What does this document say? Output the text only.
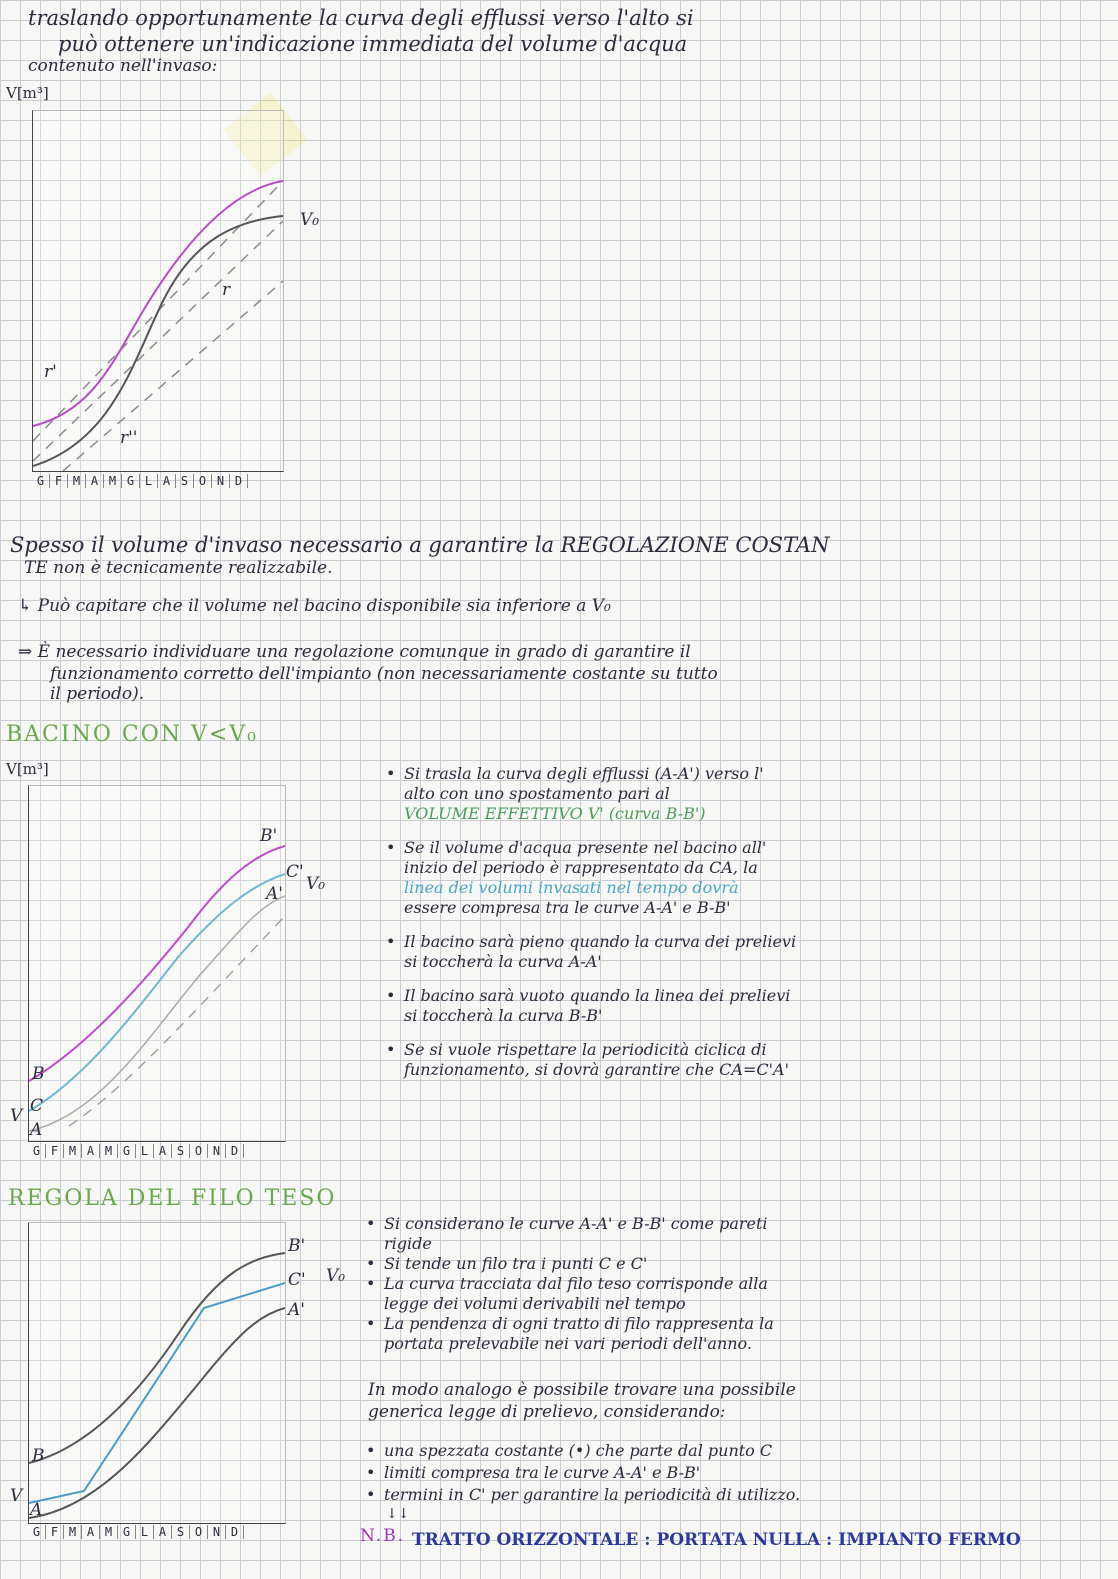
traslando opportunamente la curva degli efflussi verso l'alto si
può ottenere un'indicazione immediata del volume d'acqua
contenuto nell'invaso:
V[m³]
V₀
r
r'
r''
G F M A M G L A S O N D
Spesso il volume d'invaso necessario a garantire la REGOLAZIONE COSTAN
TE non è tecnicamente realizzabile.
↳ Può capitare che il volume nel bacino disponibile sia inferiore a V₀
⇒ È necessario individuare una regolazione comunque in grado di garantire il
funzionamento corretto dell'impianto (non necessariamente costante su tutto
il periodo).
BACINO CON V<V₀
V[m³]
B'
C'
A' V₀
B
C
V
A
G F M A M G L A S O N D
• Si trasla la curva degli efflussi (A-A') verso l'
alto con uno spostamento pari al
VOLUME EFFETTIVO V' (curva B-B')
• Se il volume d'acqua presente nel bacino all'
inizio del periodo è rappresentato da CA, la
linea dei volumi invasati nel tempo dovrà
essere compresa tra le curve A-A' e B-B'
• Il bacino sarà pieno quando la curva dei prelievi
si toccherà la curva A-A'
• Il bacino sarà vuoto quando la linea dei prelievi
si toccherà la curva B-B'
• Se si vuole rispettare la periodicità ciclica di
funzionamento, si dovrà garantire che CA=C'A'
REGOLA DEL FILO TESO
B'
C'
A'
V₀
B
V
A
G F M A M G L A S O N D
• Si considerano le curve A-A' e B-B' come pareti
rigide
• Si tende un filo tra i punti C e C'
• La curva tracciata dal filo teso corrisponde alla
legge dei volumi derivabili nel tempo
• La pendenza di ogni tratto di filo rappresenta la
portata prelevabile nei vari periodi dell'anno.
In modo analogo è possibile trovare una possibile
generica legge di prelievo, considerando:
• una spezzata costante (•) che parte dal punto C
• limiti compresa tra le curve A-A' e B-B'
• termini in C' per garantire la periodicità di utilizzo.
↓↓
N.B. TRATTO ORIZZONTALE : PORTATA NULLA : IMPIANTO FERMO
